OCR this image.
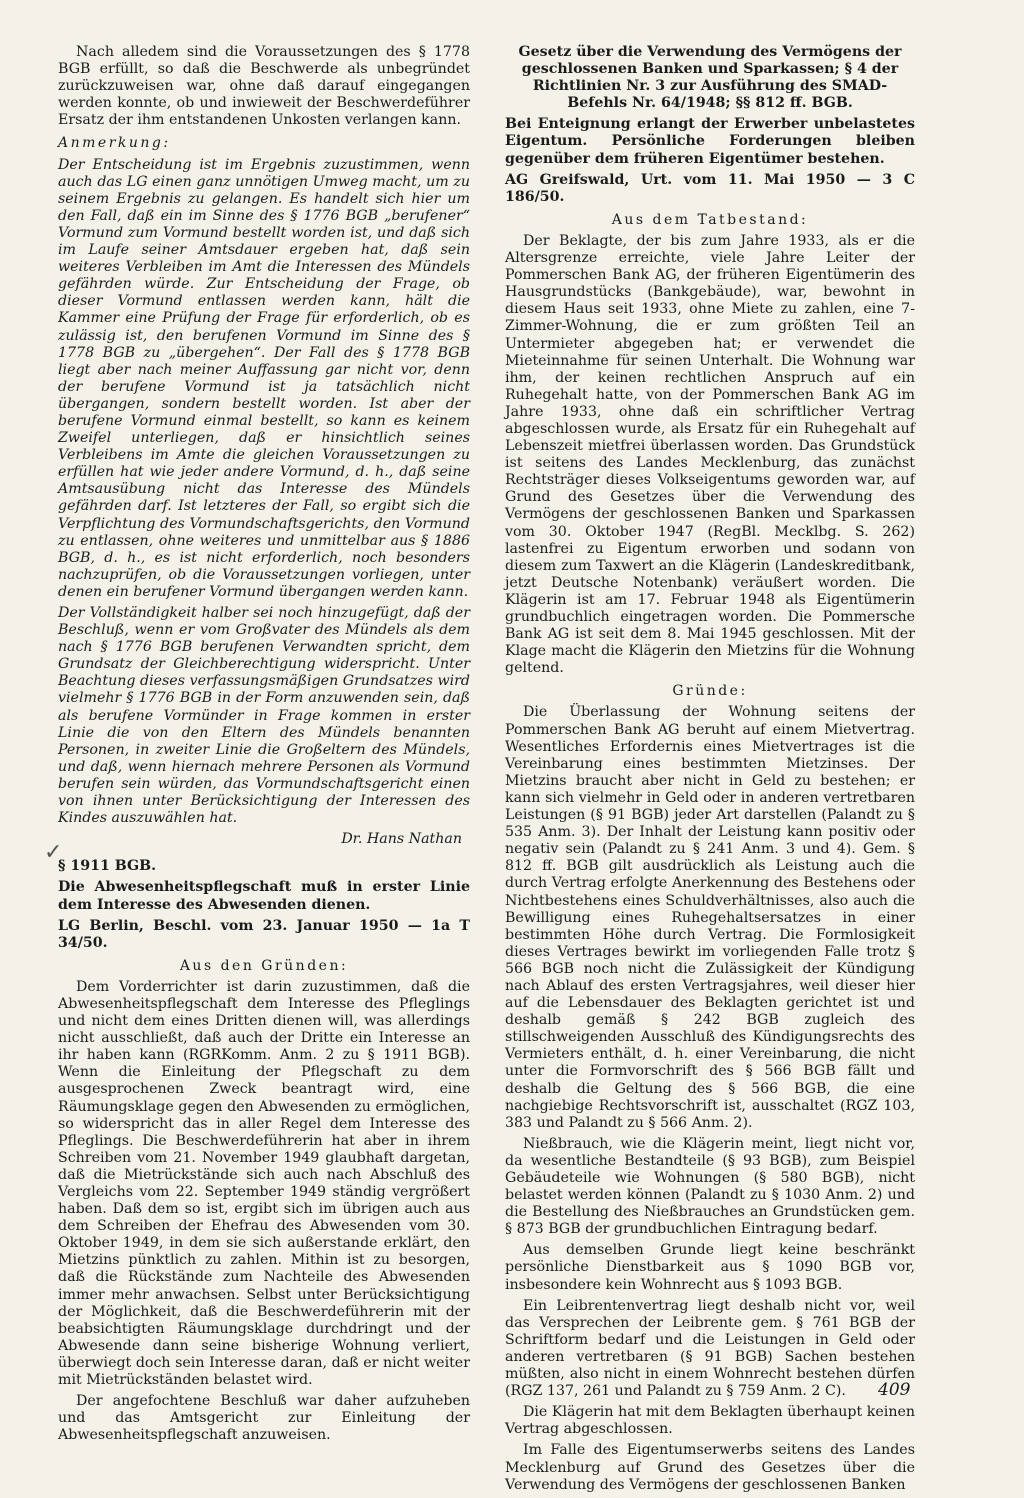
Nach alledem sind die Voraussetzungen des § 1778 BGB erfüllt, so daß die Beschwerde als unbegründet zurückzuweisen war, ohne daß darauf eingegangen werden konnte, ob und inwieweit der Beschwerdeführer Ersatz der ihm entstandenen Unkosten verlangen kann.

Anmerkung:

Der Entscheidung ist im Ergebnis zuzustimmen, wenn auch das LG einen ganz unnötigen Umweg macht, um zu seinem Ergebnis zu gelangen. Es handelt sich hier um den Fall, daß ein im Sinne des § 1776 BGB „berufener“ Vormund zum Vormund bestellt worden ist, und daß sich im Laufe seiner Amtsdauer ergeben hat, daß sein weiteres Verbleiben im Amt die Interessen des Mündels gefährden würde. Zur Entscheidung der Frage, ob dieser Vormund entlassen werden kann, hält die Kammer eine Prüfung der Frage für erforderlich, ob es zulässig ist, den berufenen Vormund im Sinne des § 1778 BGB zu „übergehen“. Der Fall des § 1778 BGB liegt aber nach meiner Auffassung gar nicht vor, denn der berufene Vormund ist ja tatsächlich nicht übergangen, sondern bestellt worden. Ist aber der berufene Vormund einmal bestellt, so kann es keinem Zweifel unterliegen, daß er hinsichtlich seines Verbleibens im Amte die gleichen Voraussetzungen zu erfüllen hat wie jeder andere Vormund, d. h., daß seine Amtsausübung nicht das Interesse des Mündels gefährden darf. Ist letzteres der Fall, so ergibt sich die Verpflichtung des Vormundschaftsgerichts, den Vormund zu entlassen, ohne weiteres und unmittelbar aus § 1886 BGB, d. h., es ist nicht erforderlich, noch besonders nachzuprüfen, ob die Voraussetzungen vorliegen, unter denen ein berufener Vormund übergangen werden kann.

Der Vollständigkeit halber sei noch hinzugefügt, daß der Beschluß, wenn er vom Großvater des Mündels als dem nach § 1776 BGB berufenen Verwandten spricht, dem Grundsatz der Gleichberechtigung widerspricht. Unter Beachtung dieses verfassungsmäßigen Grundsatzes wird vielmehr § 1776 BGB in der Form anzuwenden sein, daß als berufene Vormünder in Frage kommen in erster Linie die von den Eltern des Mündels benannten Personen, in zweiter Linie die Großeltern des Mündels, und daß, wenn hiernach mehrere Personen als Vormund berufen sein würden, das Vormundschaftsgericht einen von ihnen unter Berücksichtigung der Interessen des Kindes auszuwählen hat.

Dr. Hans Nathan
§ 1911 BGB.

Die Abwesenheitspflegschaft muß in erster Linie dem Interesse des Abwesenden dienen.

LG Berlin, Beschl. vom 23. Januar 1950 — 1a T 34/50.

Aus den Gründen:

Dem Vorderrichter ist darin zuzustimmen, daß die Abwesenheitspflegschaft dem Interesse des Pfleglings und nicht dem eines Dritten dienen will, was allerdings nicht ausschließt, daß auch der Dritte ein Interesse an ihr haben kann (RGRKomm. Anm. 2 zu § 1911 BGB). Wenn die Einleitung der Pflegschaft zu dem ausgesprochenen Zweck beantragt wird, eine Räumungsklage gegen den Abwesenden zu ermöglichen, so widerspricht das in aller Regel dem Interesse des Pfleglings. Die Beschwerdeführerin hat aber in ihrem Schreiben vom 21. November 1949 glaubhaft dargetan, daß die Mietrückstände sich auch nach Abschluß des Vergleichs vom 22. September 1949 ständig vergrößert haben. Daß dem so ist, ergibt sich im übrigen auch aus dem Schreiben der Ehefrau des Abwesenden vom 30. Oktober 1949, in dem sie sich außerstande erklärt, den Mietzins pünktlich zu zahlen. Mithin ist zu besorgen, daß die Rückstände zum Nachteile des Abwesenden immer mehr anwachsen. Selbst unter Berücksichtigung der Möglichkeit, daß die Beschwerdeführerin mit der beabsichtigten Räumungsklage durchdringt und der Abwesende dann seine bisherige Wohnung verliert, überwiegt doch sein Interesse daran, daß er nicht weiter mit Mietrückständen belastet wird.

Der angefochtene Beschluß war daher aufzuheben und das Amtsgericht zur Einleitung der Abwesenheitspflegschaft anzuweisen.

✓

Gesetz über die Verwendung des Vermögens der geschlossenen Banken und Sparkassen; § 4 der Richtlinien Nr. 3 zur Ausführung des SMAD-Befehls Nr. 64/1948; §§ 812 ff. BGB.

Bei Enteignung erlangt der Erwerber unbelastetes Eigentum. Persönliche Forderungen bleiben gegenüber dem früheren Eigentümer bestehen.

AG Greifswald, Urt. vom 11. Mai 1950 — 3 C 186/50.

Aus dem Tatbestand:

Der Beklagte, der bis zum Jahre 1933, als er die Altersgrenze erreichte, viele Jahre Leiter der Pommerschen Bank AG, der früheren Eigentümerin des Hausgrundstücks (Bankgebäude), war, bewohnt in diesem Haus seit 1933, ohne Miete zu zahlen, eine 7-Zimmer-Wohnung, die er zum größten Teil an Untermieter abgegeben hat; er verwendet die Mieteinnahme für seinen Unterhalt. Die Wohnung war ihm, der keinen rechtlichen Anspruch auf ein Ruhegehalt hatte, von der Pommerschen Bank AG im Jahre 1933, ohne daß ein schriftlicher Vertrag abgeschlossen wurde, als Ersatz für ein Ruhegehalt auf Lebenszeit mietfrei überlassen worden. Das Grundstück ist seitens des Landes Mecklenburg, das zunächst Rechtsträger dieses Volkseigentums geworden war, auf Grund des Gesetzes über die Verwendung des Vermögens der geschlossenen Banken und Sparkassen vom 30. Oktober 1947 (RegBl. Mecklbg. S. 262) lastenfrei zu Eigentum erworben und sodann von diesem zum Taxwert an die Klägerin (Landeskreditbank, jetzt Deutsche Notenbank) veräußert worden. Die Klägerin ist am 17. Februar 1948 als Eigentümerin grundbuchlich eingetragen worden. Die Pommersche Bank AG ist seit dem 8. Mai 1945 geschlossen. Mit der Klage macht die Klägerin den Mietzins für die Wohnung geltend.

Gründe:

Die Überlassung der Wohnung seitens der Pommerschen Bank AG beruht auf einem Mietvertrag. Wesentliches Erfordernis eines Mietvertrages ist die Vereinbarung eines bestimmten Mietzinses. Der Mietzins braucht aber nicht in Geld zu bestehen; er kann sich vielmehr in Geld oder in anderen vertretbaren Leistungen (§ 91 BGB) jeder Art darstellen (Palandt zu § 535 Anm. 3). Der Inhalt der Leistung kann positiv oder negativ sein (Palandt zu § 241 Anm. 3 und 4). Gem. § 812 ff. BGB gilt ausdrücklich als Leistung auch die durch Vertrag erfolgte Anerkennung des Bestehens oder Nichtbestehens eines Schuldverhältnisses, also auch die Bewilligung eines Ruhegehaltsersatzes in einer bestimmten Höhe durch Vertrag. Die Formlosigkeit dieses Vertrages bewirkt im vorliegenden Falle trotz § 566 BGB noch nicht die Zulässigkeit der Kündigung nach Ablauf des ersten Vertragsjahres, weil dieser hier auf die Lebensdauer des Beklagten gerichtet ist und deshalb gemäß § 242 BGB zugleich des stillschweigenden Ausschluß des Kündigungsrechts des Vermieters enthält, d. h. einer Vereinbarung, die nicht unter die Formvorschrift des § 566 BGB fällt und deshalb die Geltung des § 566 BGB, die eine nachgiebige Rechtsvorschrift ist, ausschaltet (RGZ 103, 383 und Palandt zu § 566 Anm. 2).

Nießbrauch, wie die Klägerin meint, liegt nicht vor, da wesentliche Bestandteile (§ 93 BGB), zum Beispiel Gebäudeteile wie Wohnungen (§ 580 BGB), nicht belastet werden können (Palandt zu § 1030 Anm. 2) und die Bestellung des Nießbrauches an Grundstücken gem. § 873 BGB der grundbuchlichen Eintragung bedarf.

Aus demselben Grunde liegt keine beschränkt persönliche Dienstbarkeit aus § 1090 BGB vor, insbesondere kein Wohnrecht aus § 1093 BGB.

Ein Leibrentenvertrag liegt deshalb nicht vor, weil das Versprechen der Leibrente gem. § 761 BGB der Schriftform bedarf und die Leistungen in Geld oder anderen vertretbaren (§ 91 BGB) Sachen bestehen müßten, also nicht in einem Wohnrecht bestehen dürfen (RGZ 137, 261 und Palandt zu § 759 Anm. 2 C).

Die Klägerin hat mit dem Beklagten überhaupt keinen Vertrag abgeschlossen.

Im Falle des Eigentumserwerbs seitens des Landes Mecklenburg auf Grund des Gesetzes über die Verwendung des Vermögens der geschlossenen Banken

409
